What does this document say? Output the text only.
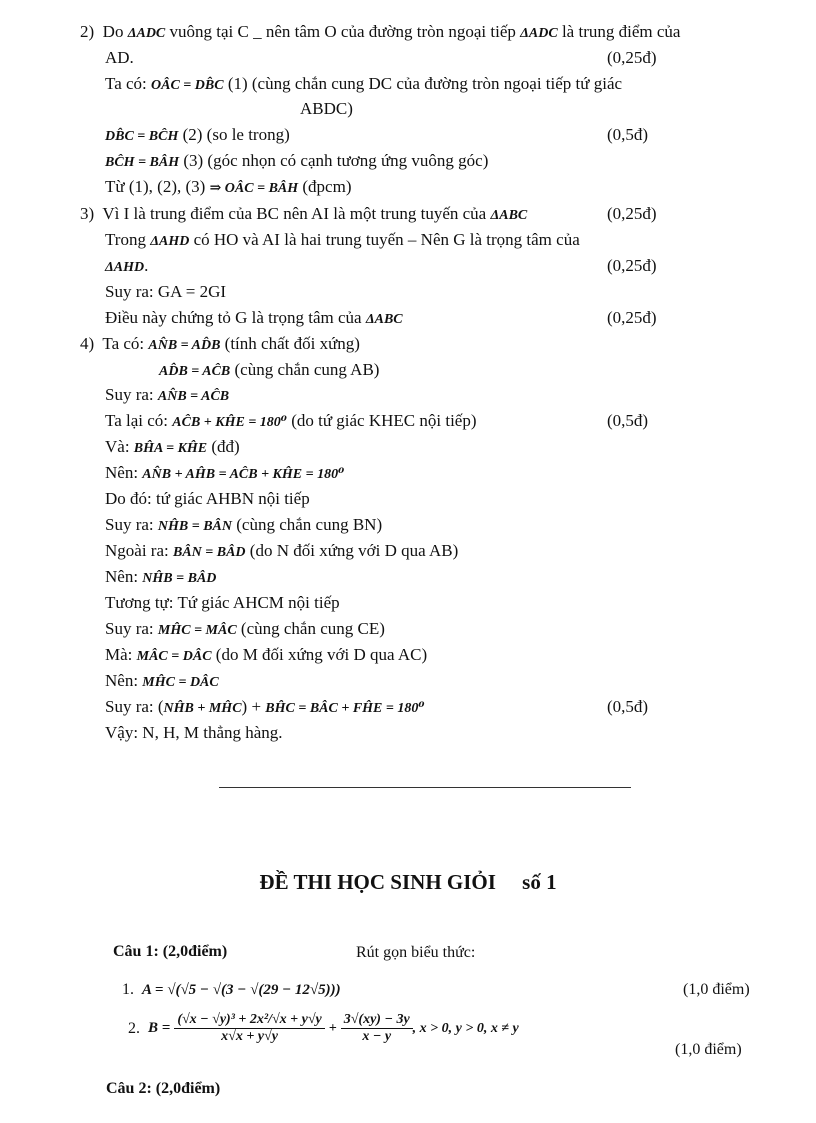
2) Do ΔADC vuông tại C _ nên tâm O của đường tròn ngoại tiếp ΔADC là trung điểm của
AD.	(0,25đ)
Ta có: OÂC = DB̂C (1) (cùng chắn cung DC của đường tròn ngoại tiếp tứ giác
ABDC)
DB̂C = BĈH (2) (so le trong)	(0,5đ)
BĈH = BÂH (3) (góc nhọn có cạnh tương ứng vuông góc)
Từ (1), (2), (3) ⇒ OÂC = BÂH (đpcm)
3) Vì I là trung điểm của BC nên AI là một trung tuyến của ΔABC	(0,25đ)
Trong ΔAHD có HO và AI là hai trung tuyến – Nên G là trọng tâm của
ΔAHD.	(0,25đ)
Suy ra: GA = 2GI
Điều này chứng tỏ G là trọng tâm của ΔABC	(0,25đ)
4) Ta có: AN̂B = AD̂B (tính chất đối xứng)
AD̂B = AĈB (cùng chắn cung AB)
Suy ra: AN̂B = AĈB
Ta lại có: AĈB + KĤE = 180⁰ (do tứ giác KHEC nội tiếp)	(0,5đ)
Và: BĤA = KĤE (đđ)
Nên: AN̂B + AĤB = AĈB + KĤE = 180⁰
Do đó: tứ giác AHBN nội tiếp
Suy ra: NĤB = BÂN (cùng chắn cung BN)
Ngoài ra: BÂN = BÂD (do N đối xứng với D qua AB)
Nên: NĤB = BÂD
Tương tự: Tứ giác AHCM nội tiếp
Suy ra: MĤC = MÂC (cùng chắn cung CE)
Mà: MÂC = DÂC (do M đối xứng với D qua AC)
Nên: MĤC = DÂC
Suy ra: (NĤB + MĤC) + BĤC = BÂC + FĤE = 180⁰	(0,5đ)
Vậy: N, H, M thẳng hàng.
ĐỀ THI HỌC SINH GIỎI     số 1
Câu 1: (2,0điểm)	Rút gọn biểu thức:
1. A = √(√5 − √(3 − √(29 − 12√5)))	(1,0 điểm)
2.
B =
$\frac{\text{(√x − √y)³ + 2x²/√x + y√y}}{x√x + y√y} + \frac{3√(xy) - 3y}{x - y}$ , x > 0, y > 0, x ≠ y
(1,0 điểm)
Câu 2: (2,0điểm)
